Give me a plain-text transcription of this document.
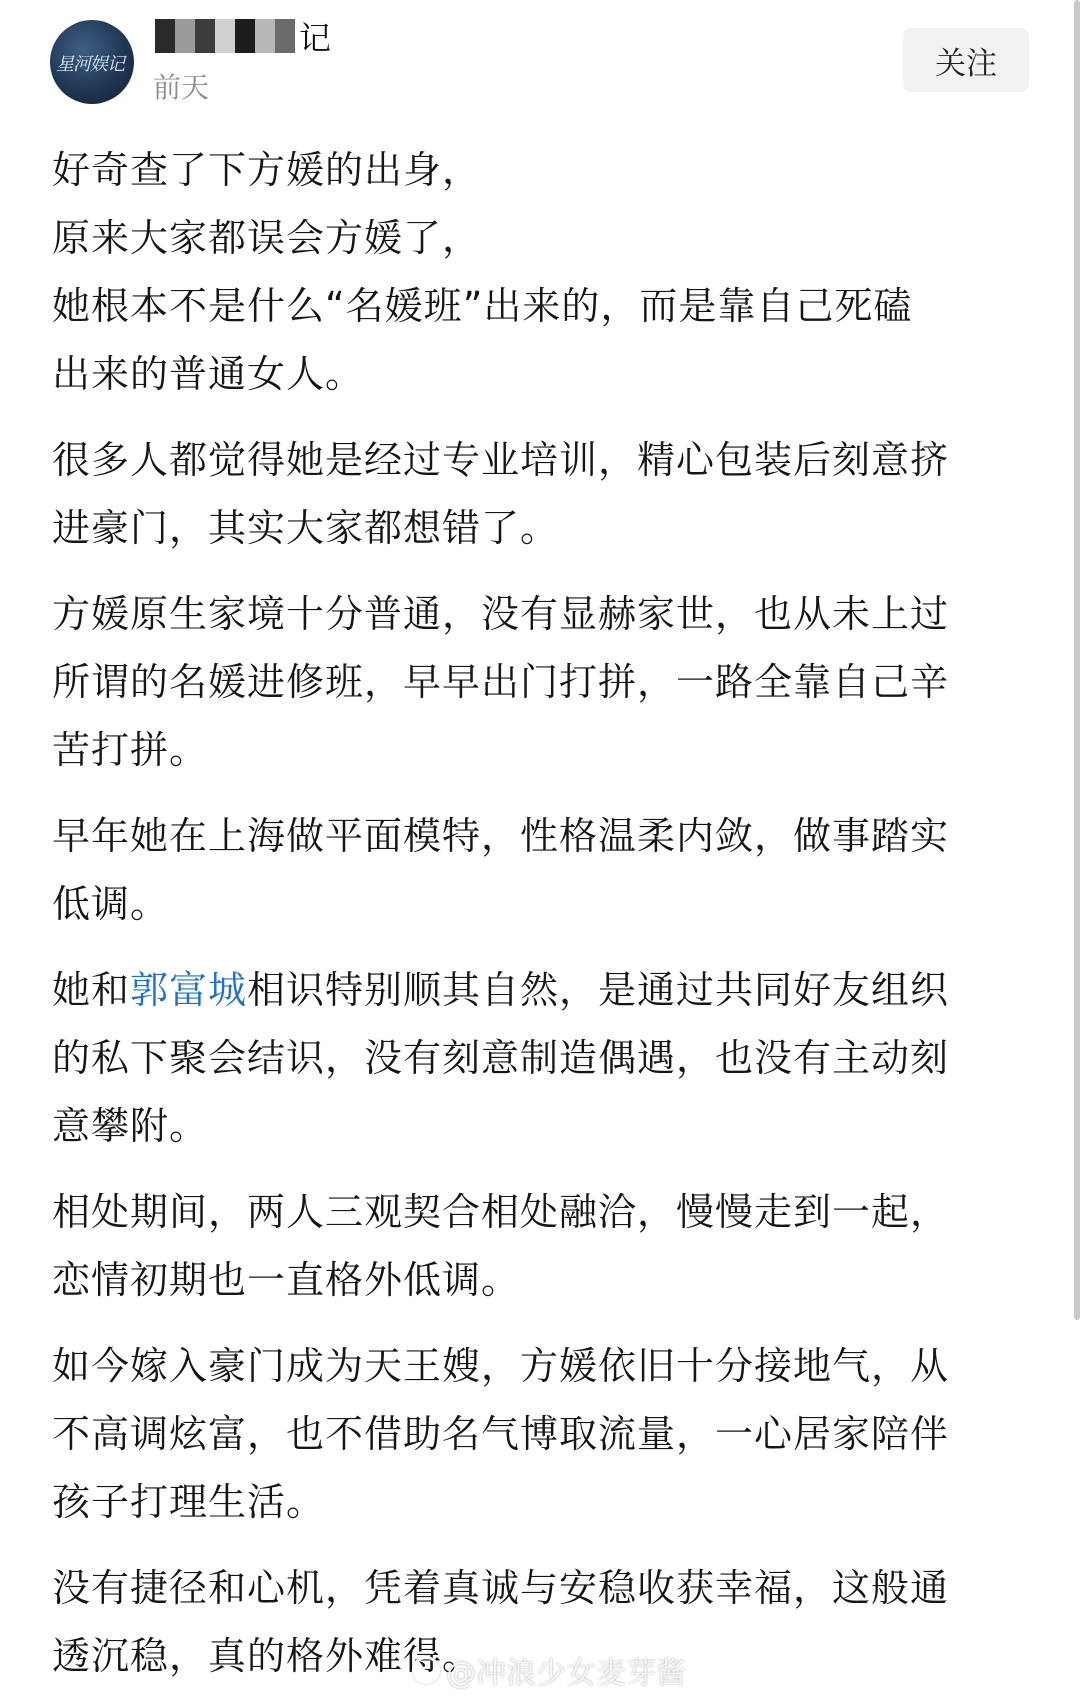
星河娱记
记
前天
关注

好奇查了下方媛的出身，
原来大家都误会方媛了，
她根本不是什么“名媛班”出来的，而是靠自己死磕
出来的普通女人。

很多人都觉得她是经过专业培训，精心包装后刻意挤
进豪门，其实大家都想错了。

方媛原生家境十分普通，没有显赫家世，也从未上过
所谓的名媛进修班，早早出门打拼，一路全靠自己辛
苦打拼。

早年她在上海做平面模特，性格温柔内敛，做事踏实
低调。

她和郭富城相识特别顺其自然，是通过共同好友组织
的私下聚会结识，没有刻意制造偶遇，也没有主动刻
意攀附。

相处期间，两人三观契合相处融洽，慢慢走到一起，
恋情初期也一直格外低调。

如今嫁入豪门成为天王嫂，方媛依旧十分接地气，从
不高调炫富，也不借助名气博取流量，一心居家陪伴
孩子打理生活。

没有捷径和心机，凭着真诚与安稳收获幸福，这般通
透沉稳，真的格外难得。

@冲浪少女麦芽酱
